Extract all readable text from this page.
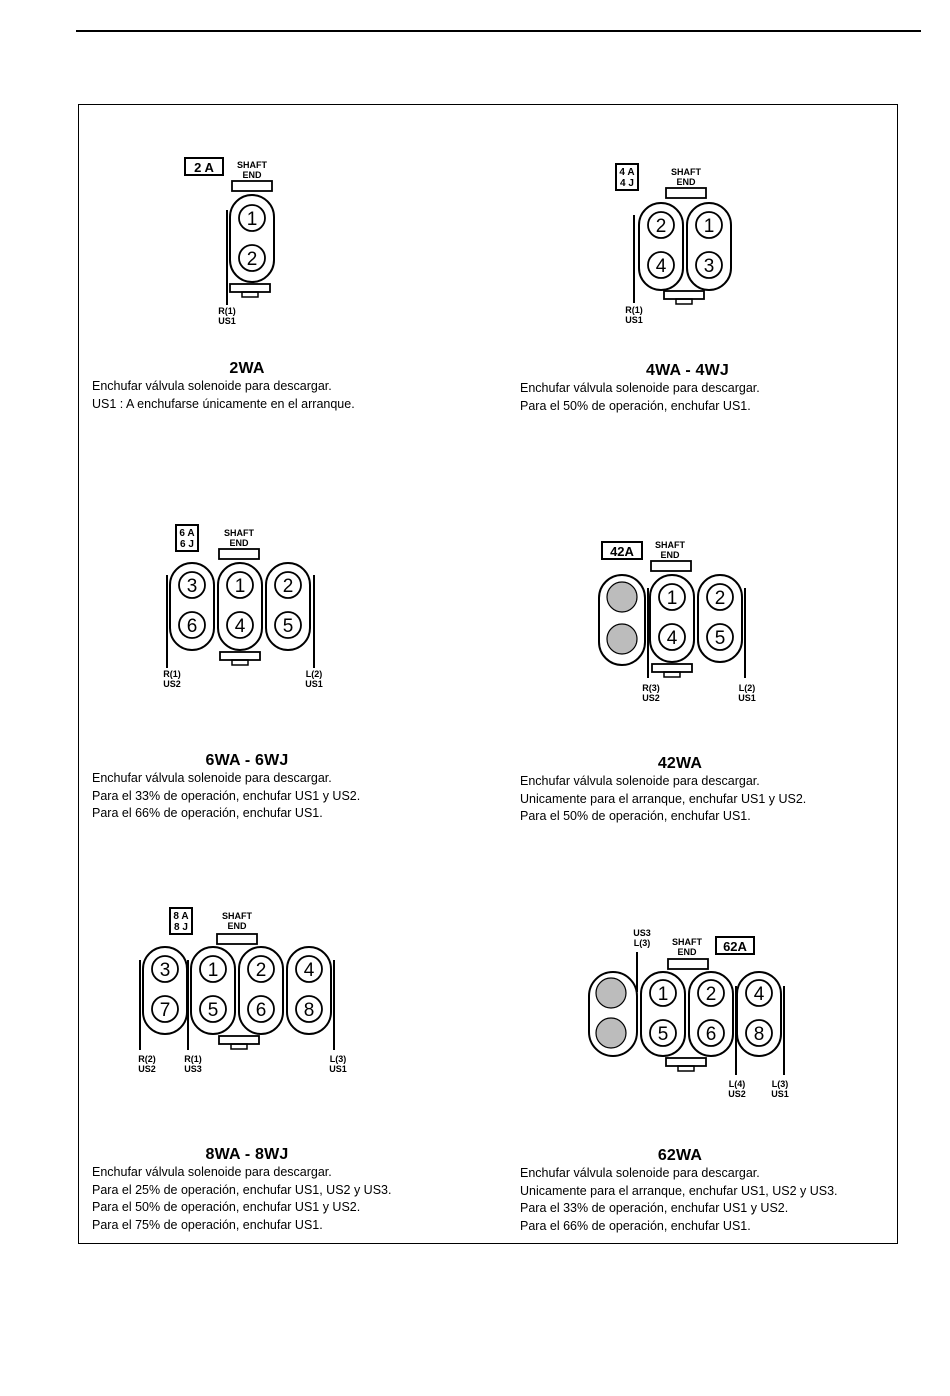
2 A	SHAFT
END
1
2
R(1)
US1
2WA
Enchufar válvula solenoide para descargar.
US1 : A enchufarse únicamente en el arranque.
4 A
4 J
SHAFT
END
2
4
1
3
R(1)
US1
4WA - 4WJ
Enchufar válvula solenoide para descargar.
Para el 50% de operación, enchufar US1.
6 A
6 J
SHAFT
END
3
6
1
4
2
5
R(1)
US2
L(2)
US1
6WA - 6WJ
Enchufar válvula solenoide para descargar.
Para el 33% de operación, enchufar US1 y US2.
Para el 66% de operación, enchufar US1.
42A SHAFT
END
1
4
2
5
R(3)
US2
L(2)
US1
42WA
Enchufar válvula solenoide para descargar.
Unicamente para el arranque, enchufar US1 y US2.
Para el 50% de operación, enchufar US1.
8 A
8 J
SHAFT
END
3
7
1
5
2
6
4
8
R(2)
US2
R(1)
US3
L(3)
US1
8WA - 8WJ
Enchufar válvula solenoide para descargar.
Para el 25% de operación, enchufar US1, US2 y US3.
Para el 50% de operación, enchufar US1 y US2.
Para el 75% de operación, enchufar US1.
US3
L(3) SHAFT
END 62A
1
5
2
6
4
8
L(4)
US2
L(3)
US1
62WA
Enchufar válvula solenoide para descargar.
Unicamente para el arranque, enchufar US1, US2 y US3.
Para el 33% de operación, enchufar US1 y US2.
Para el 66% de operación, enchufar US1.
